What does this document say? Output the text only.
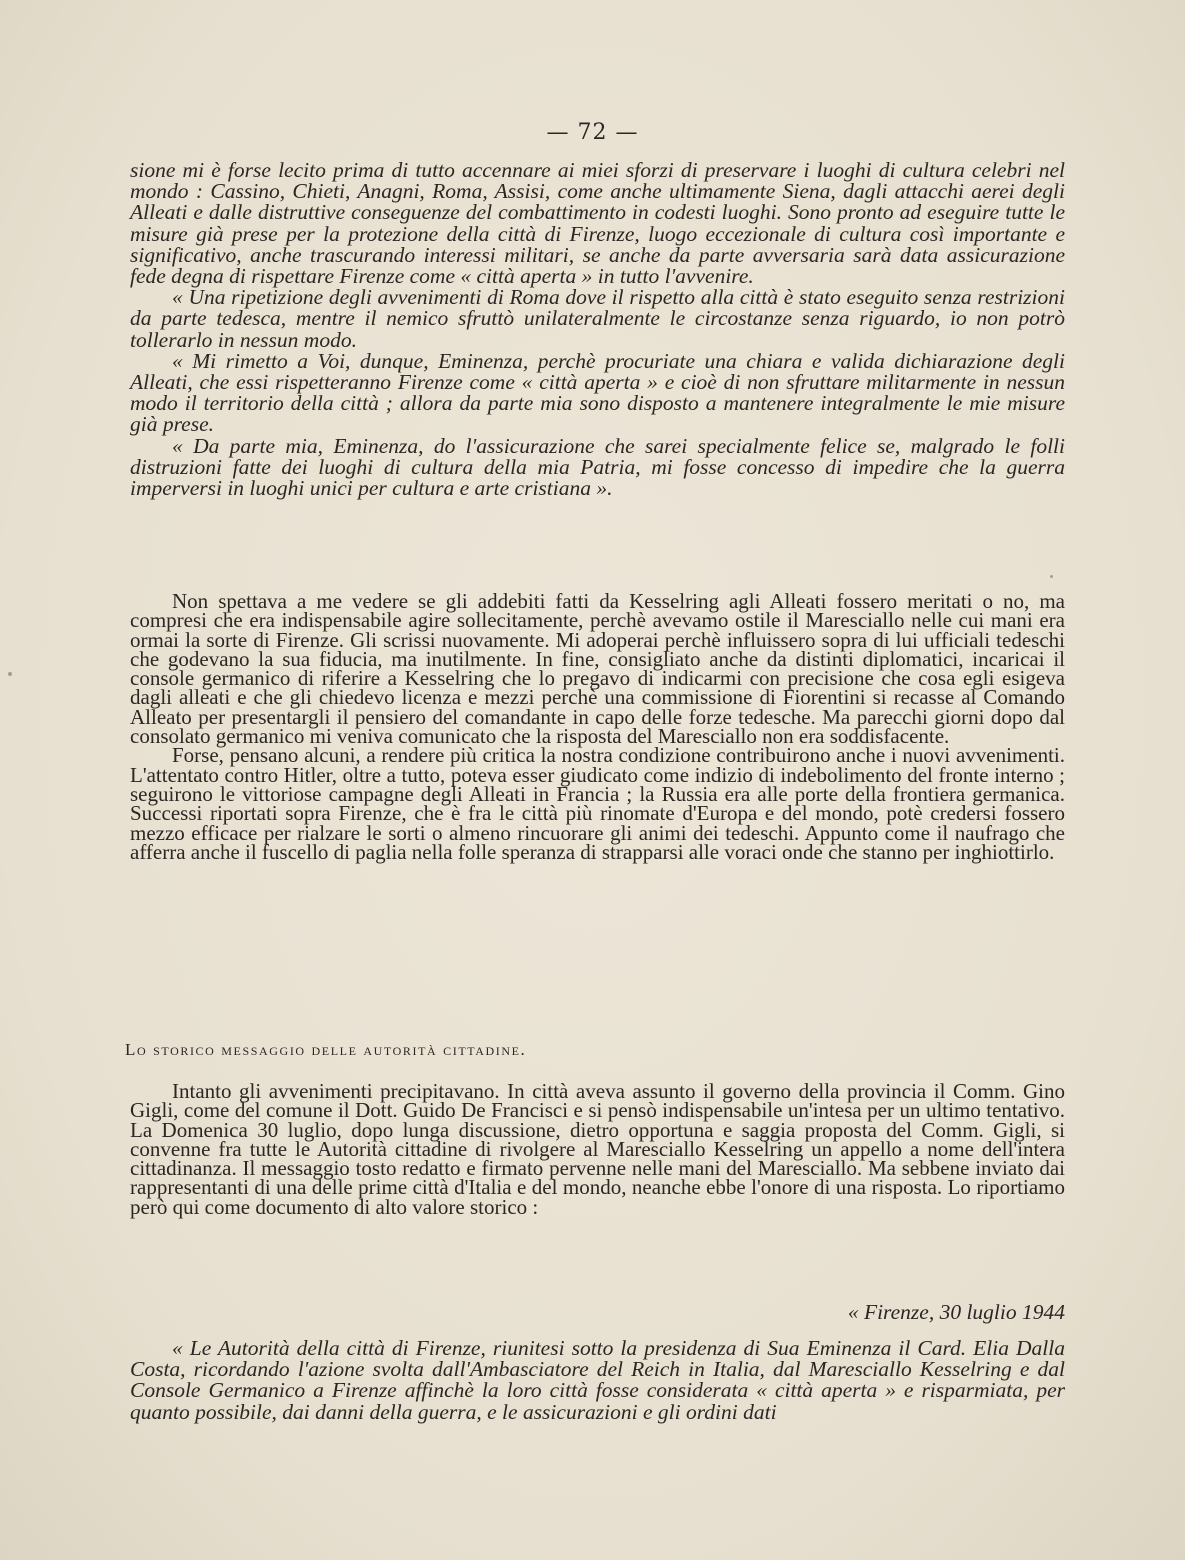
— 72 —

sione mi è forse lecito prima di tutto accennare ai miei sforzi di preservare i luoghi di cultura celebri nel mondo : Cassino, Chieti, Anagni, Roma, Assisi, come anche ultimamente Siena, dagli attacchi aerei degli Alleati e dalle distruttive conseguenze del combattimento in codesti luoghi. Sono pronto ad eseguire tutte le misure già prese per la protezione della città di Firenze, luogo eccezionale di cultura così importante e significativo, anche trascurando interessi militari, se anche da parte avversaria sarà data assicurazione fede degna di rispettare Firenze come « città aperta » in tutto l'avvenire.

« Una ripetizione degli avvenimenti di Roma dove il rispetto alla città è stato eseguito senza restrizioni da parte tedesca, mentre il nemico sfruttò unilateralmente le circostanze senza riguardo, io non potrò tollerarlo in nessun modo.

« Mi rimetto a Voi, dunque, Eminenza, perchè procuriate una chiara e valida dichiarazione degli Alleati, che essi rispetteranno Firenze come « città aperta » e cioè di non sfruttare militarmente in nessun modo il territorio della città ; allora da parte mia sono disposto a mantenere integralmente le mie misure già prese.

« Da parte mia, Eminenza, do l'assicurazione che sarei specialmente felice se, malgrado le folli distruzioni fatte dei luoghi di cultura della mia Patria, mi fosse concesso di impedire che la guerra imperversi in luoghi unici per cultura e arte cristiana ».

Non spettava a me vedere se gli addebiti fatti da Kesselring agli Alleati fossero meritati o no, ma compresi che era indispensabile agire sollecitamente, perchè avevamo ostile il Maresciallo nelle cui mani era ormai la sorte di Firenze. Gli scrissi nuovamente. Mi adoperai perchè influissero sopra di lui ufficiali tedeschi che godevano la sua fiducia, ma inutilmente. In fine, consigliato anche da distinti diplomatici, incaricai il console germanico di riferire a Kesselring che lo pregavo di indicarmi con precisione che cosa egli esigeva dagli alleati e che gli chiedevo licenza e mezzi perchè una commissione di Fiorentini si recasse al Comando Alleato per presentargli il pensiero del comandante in capo delle forze tedesche. Ma parecchi giorni dopo dal consolato germanico mi veniva comunicato che la risposta del Maresciallo non era soddisfacente.

Forse, pensano alcuni, a rendere più critica la nostra condizione contribuirono anche i nuovi avvenimenti. L'attentato contro Hitler, oltre a tutto, poteva esser giudicato come indizio di indebolimento del fronte interno ; seguirono le vittoriose campagne degli Alleati in Francia ; la Russia era alle porte della frontiera germanica. Successi riportati sopra Firenze, che è fra le città più rinomate d'Europa e del mondo, potè credersi fossero mezzo efficace per rialzare le sorti o almeno rincuorare gli animi dei tedeschi. Appunto come il naufrago che afferra anche il fuscello di paglia nella folle speranza di strapparsi alle voraci onde che stanno per inghiottirlo.

Lo storico messaggio delle autorità cittadine.

Intanto gli avvenimenti precipitavano. In città aveva assunto il governo della provincia il Comm. Gino Gigli, come del comune il Dott. Guido De Francisci e si pensò indispensabile un'intesa per un ultimo tentativo. La Domenica 30 luglio, dopo lunga discussione, dietro opportuna e saggia proposta del Comm. Gigli, si convenne fra tutte le Autorità cittadine di rivolgere al Maresciallo Kesselring un appello a nome dell'intera cittadinanza. Il messaggio tosto redatto e firmato pervenne nelle mani del Maresciallo. Ma sebbene inviato dai rappresentanti di una delle prime città d'Italia e del mondo, neanche ebbe l'onore di una risposta. Lo riportiamo però qui come documento di alto valore storico :

« Firenze, 30 luglio 1944

« Le Autorità della città di Firenze, riunitesi sotto la presidenza di Sua Eminenza il Card. Elia Dalla Costa, ricordando l'azione svolta dall'Ambasciatore del Reich in Italia, dal Maresciallo Kesselring e dal Console Germanico a Firenze affinchè la loro città fosse considerata « città aperta » e risparmiata, per quanto possibile, dai danni della guerra, e le assicurazioni e gli ordini dati
